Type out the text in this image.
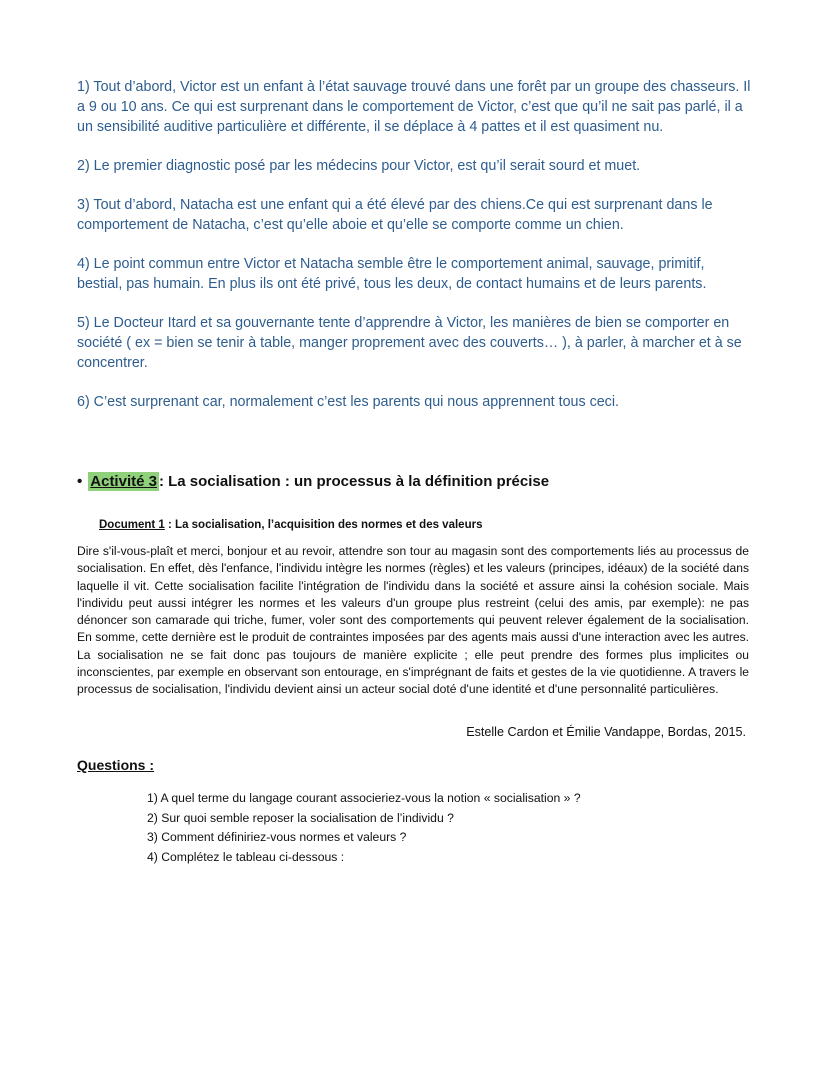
1) Tout d’abord, Victor est un enfant à l’état sauvage trouvé dans une forêt par un groupe des chasseurs. Il a 9 ou 10 ans. Ce qui est surprenant dans le comportement de Victor, c’est que qu’il ne sait pas parlé, il a un sensibilité auditive particulière et différente, il se déplace à 4 pattes et il est quasiment nu.
2) Le premier diagnostic posé par les médecins pour Victor, est qu’il serait sourd et muet.
3) Tout d’abord, Natacha est une enfant qui a été élevé par des chiens.Ce qui est surprenant dans le comportement de Natacha, c’est qu’elle aboie et qu’elle se comporte comme un chien.
4) Le point commun entre Victor et Natacha semble être le comportement animal, sauvage, primitif, bestial, pas humain. En plus ils ont été privé, tous les deux, de contact humains et de leurs parents.
5) Le Docteur Itard et sa gouvernante tente d’apprendre à Victor, les manières de bien se comporter en société ( ex = bien se tenir à table, manger proprement avec des couverts… ), à parler, à marcher et à se concentrer.
6) C’est surprenant car, normalement c’est les parents qui nous apprennent tous ceci.
• Activité 3 : La socialisation : un processus à la définition précise
Document 1 : La socialisation, l’acquisition des normes et des valeurs

Dire s'il-vous-plaît et merci, bonjour et au revoir, attendre son tour au magasin sont des comportements liés au processus de socialisation. En effet, dès l'enfance, l'individu intègre les normes (règles) et les valeurs (principes, idéaux) de la société dans laquelle il vit. Cette socialisation facilite l'intégration de l'individu dans la société et assure ainsi la cohésion sociale. Mais l'individu peut aussi intégrer les normes et les valeurs d'un groupe plus restreint (celui des amis, par exemple): ne pas dénoncer son camarade qui triche, fumer, voler sont des comportements qui peuvent relever également de la socialisation. En somme, cette dernière est le produit de contraintes imposées par des agents mais aussi d'une interaction avec les autres. La socialisation ne se fait donc pas toujours de manière explicite ; elle peut prendre des formes plus implicites ou inconscientes, par exemple en observant son entourage, en s'imprégnant de faits et gestes de la vie quotidienne. A travers le processus de socialisation, l'individu devient ainsi un acteur social doté d'une identité et d'une personnalité particulières.

Estelle Cardon et Émilie Vandappe, Bordas, 2015.
Questions :
1) A quel terme du langage courant associeriez-vous la notion « socialisation » ?
2) Sur quoi semble reposer la socialisation de l’individu ?
3) Comment définiriez-vous normes et valeurs ?
4) Complétez le tableau ci-dessous :
